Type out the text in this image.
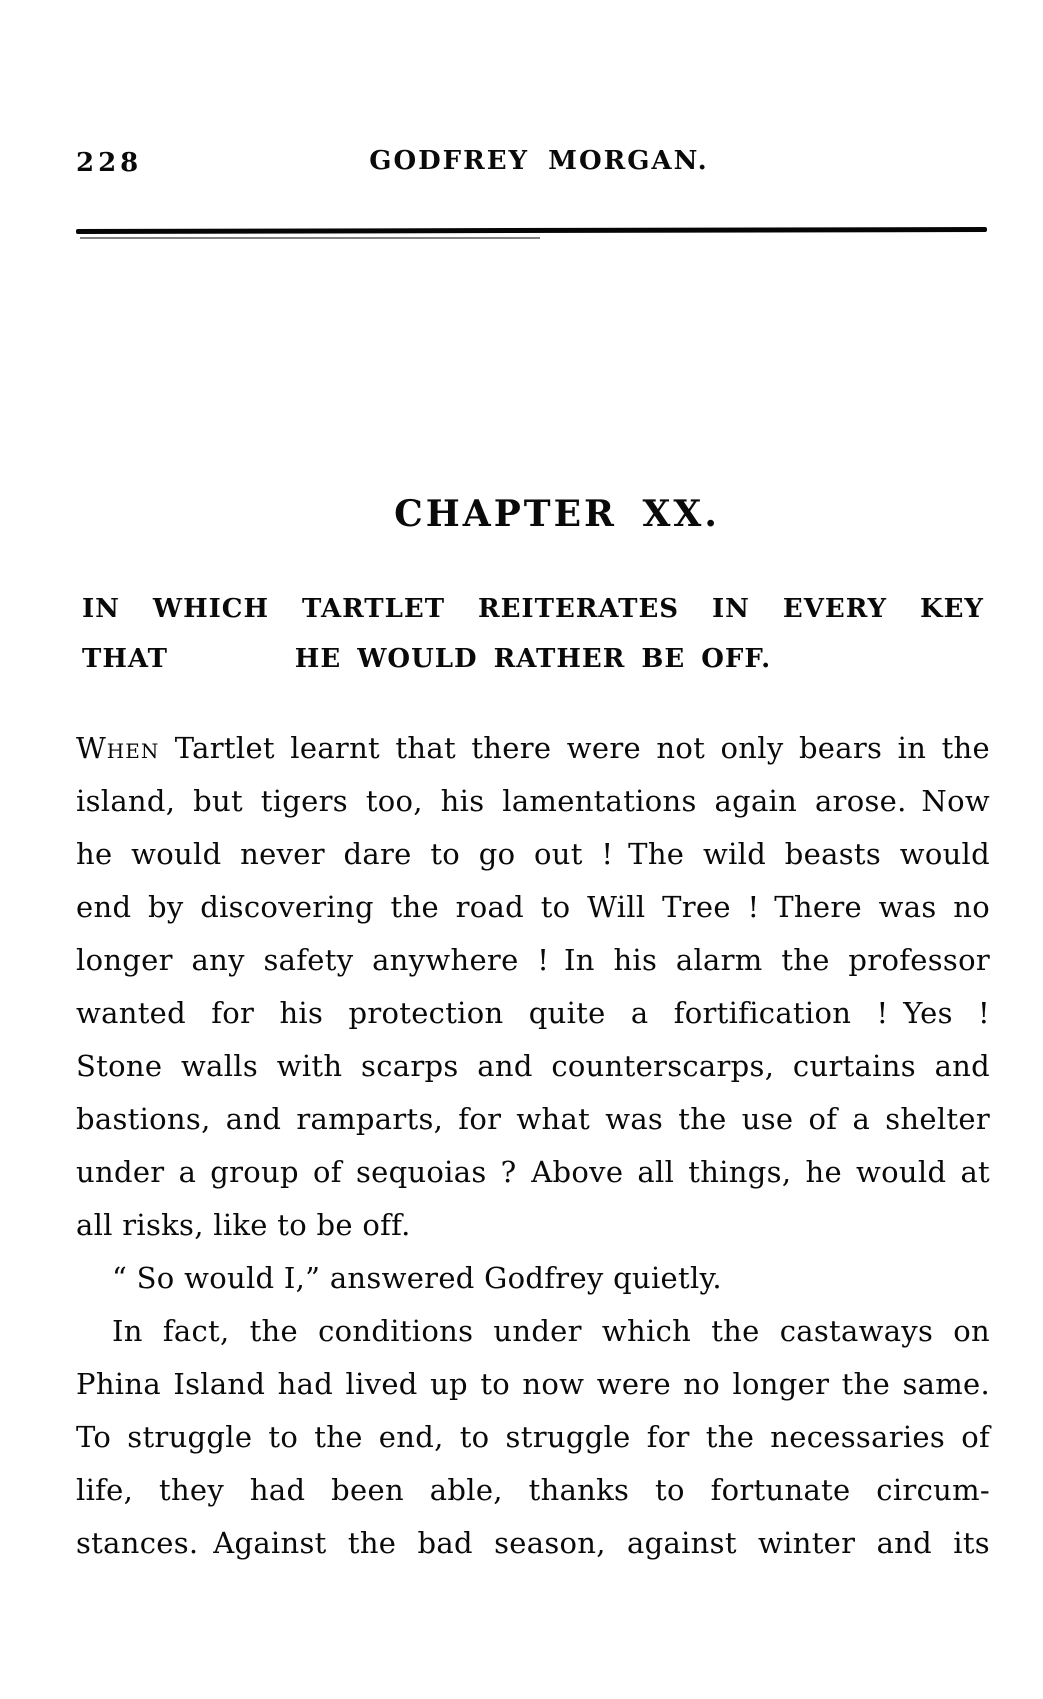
228	GODFREY MORGAN.
CHAPTER XX.
IN WHICH TARTLET REITERATES IN EVERY KEY THAT	HE WOULD RATHER BE OFF.
When Tartlet learnt that there were not only bears in the
island, but tigers too, his lamentations again arose. Now
he would never dare to go out ! The wild beasts would
end by discovering the road to Will Tree ! There was no
longer any safety anywhere ! In his alarm the professor
wanted for his protection quite a fortification ! Yes !
Stone walls with scarps and counterscarps, curtains and
bastions, and ramparts, for what was the use of a shelter
under a group of sequoias ? Above all things, he would at
all risks, like to be off.
“ So would I,” answered Godfrey quietly.
In fact, the conditions under which the castaways on
Phina Island had lived up to now were no longer the same.
To struggle to the end, to struggle for the necessaries of
life, they had been able, thanks to fortunate circum-
stances. Against the bad season, against winter and its
